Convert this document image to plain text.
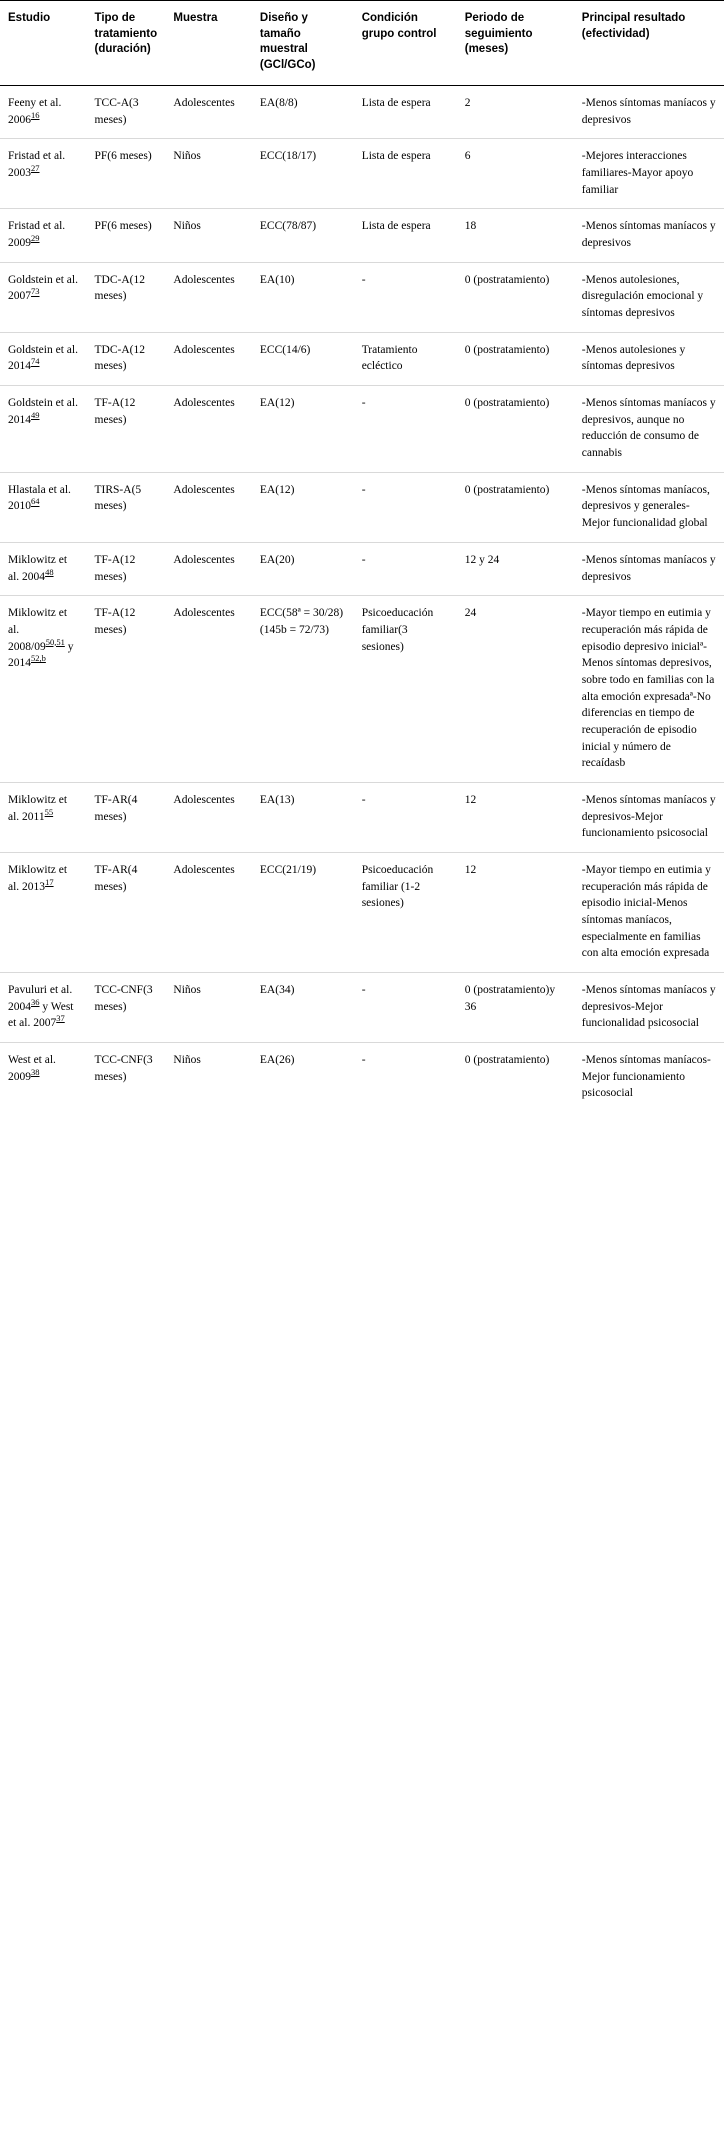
Estudio	Tipo de tratamiento (duración)	Muestra	Diseño y tamaño muestral (GCl/GCo)	Condición grupo control	Periodo de seguimiento (meses)	Principal resultado (efectividad)
Feeny et al. 2006$^{16}$	TCC-A(3 meses)	Adolescentes	EA(8/8)	Lista de espera	2	-Menos síntomas maníacos y depresivos
Fristad et al. 2003$^{27}$	PF(6 meses)	Niños	ECC(18/17)	Lista de espera	6	-Mejores interacciones familiares-Mayor apoyo familiar
Fristad et al. 2009$^{29}$	PF(6 meses)	Niños	ECC(78/87)	Lista de espera	18	-Menos síntomas maníacos y depresivos
Goldstein et al. 2007$^{73}$	TDC-A(12 meses)	Adolescentes	EA(10)	-	0 (postratamiento)	-Menos autolesiones, disregulación emocional y síntomas depresivos
Goldstein et al. 2014$^{74}$	TDC-A(12 meses)	Adolescentes	ECC(14/6)	Tratamiento ecléctico	0 (postratamiento)	-Menos autolesiones y síntomas depresivos
Goldstein et al. 2014$^{49}$	TF-A(12 meses)	Adolescentes	EA(12)	-	0 (postratamiento)	-Menos síntomas maníacos y depresivos, aunque no reducción de consumo de cannabis
Hlastala et al. 2010$^{64}$	TIRS-A(5 meses)	Adolescentes	EA(12)	-	0 (postratamiento)	-Menos síntomas maníacos, depresivos y generales-Mejor funcionalidad global
Miklowitz et al. 2004$^{48}$	TF-A(12 meses)	Adolescentes	EA(20)	-	12 y 24	-Menos síntomas maníacos y depresivos
Miklowitz et al. 2008/09$^{50,51}$ y 2014$^{52,b}$	TF-A(12 meses)	Adolescentes	ECC(58ª = 30/28) (145b = 72/73)	Psicoeducación familiar(3 sesiones)	24	-Mayor tiempo en eutimia y recuperación más rápida de episodio depresivo inicialª-Menos síntomas depresivos, sobre todo en familias con la alta emoción expresadaª-No diferencias en tiempo de recuperación de episodio inicial y número de recaídasb
Miklowitz et al. 2011$^{55}$	TF-AR(4 meses)	Adolescentes	EA(13)	-	12	-Menos síntomas maníacos y depresivos-Mejor funcionamiento psicosocial
Miklowitz et al. 2013$^{17}$	TF-AR(4 meses)	Adolescentes	ECC(21/19)	Psicoeducación familiar (1-2 sesiones)	12	-Mayor tiempo en eutimia y recuperación más rápida de episodio inicial-Menos síntomas maníacos, especialmente en familias con alta emoción expresada
Pavuluri et al. 2004$^{36}$ y West et al. 2007$^{37}$	TCC-CNF(3 meses)	Niños	EA(34)	-	0 (postratamiento)y 36	-Menos síntomas maníacos y depresivos-Mejor funcionalidad psicosocial
West et al. 2009$^{38}$	TCC-CNF(3 meses)	Niños	EA(26)	-	0 (postratamiento)	-Menos síntomas maníacos-Mejor funcionamiento psicosocial
